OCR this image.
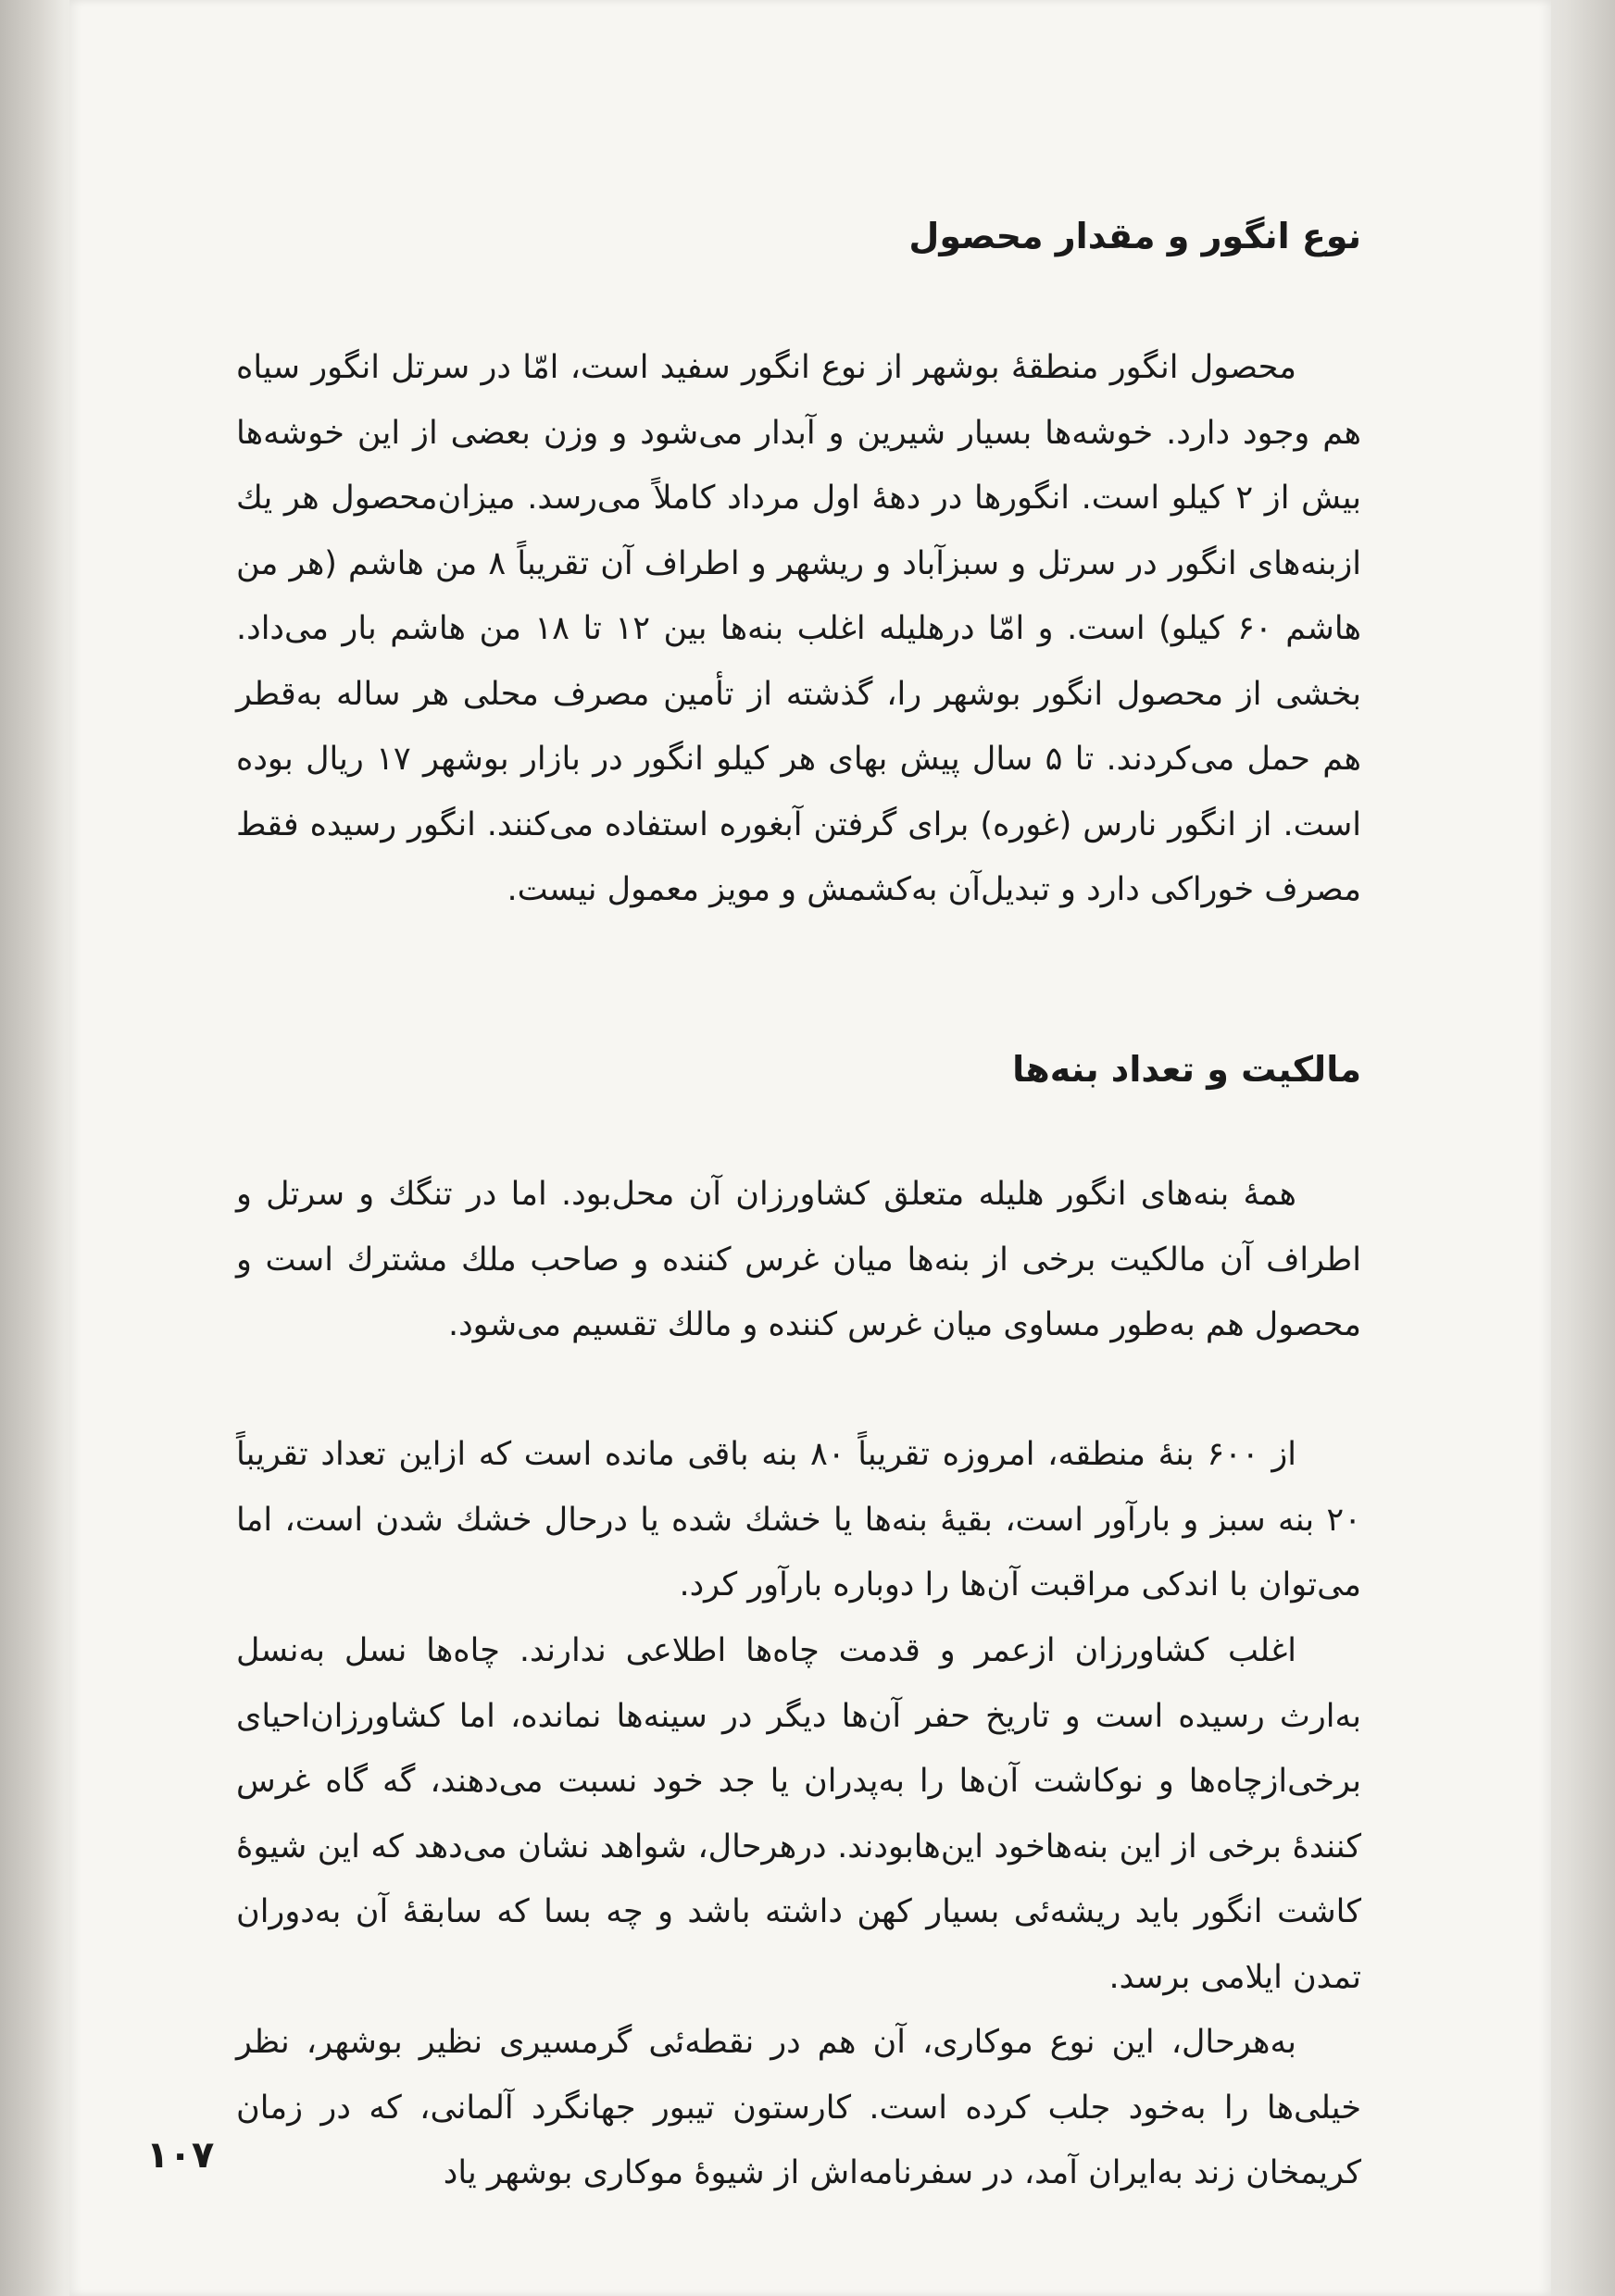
نوع انگور و مقدار محصول
محصول انگور منطقهٔ بوشهر از نوع انگور سفید است، امّا در سرتل انگور سیاه هم وجود دارد. خوشه‌ها بسیار شیرین و آبدار می‌شود و وزن بعضی از این خوشه‌ها بیش از ۲ کیلو است. انگورها در دههٔ اول مرداد کاملاً می‌رسد. میزان‌محصول هر یك ازبنه‌های انگور در سرتل و سبزآباد و ریشهر و اطراف آن تقریباً ۸ من هاشم (هر من هاشم ۶۰ کیلو) است. و امّا درهلیله اغلب بنه‌ها بین ۱۲ تا ۱۸ من هاشم بار می‌داد. بخشی از محصول انگور بوشهر را، گذشته از تأمین مصرف محلی هر ساله به‌قطر هم حمل می‌کردند. تا ۵ سال پیش بهای هر کیلو انگور در بازار بوشهر ۱۷ ریال بوده است. از انگور نارس (غوره) برای گرفتن آبغوره استفاده می‌کنند. انگور رسیده فقط مصرف خوراکی دارد و تبدیل‌آن به‌کشمش و مویز معمول نیست.
مالکیت و تعداد بنه‌ها
همهٔ بنه‌های انگور هلیله متعلق کشاورزان آن محل‌بود. اما در تنگك و سرتل و اطراف آن مالکیت برخی از بنه‌ها میان غرس کننده و صاحب ملك مشترك است و محصول هم به‌طور مساوی میان غرس کننده و مالك تقسیم می‌شود.
از ۶۰۰ بنهٔ منطقه، امروزه تقریباً ۸۰ بنه باقی مانده است که ازاین تعداد تقریباً ۲۰ بنه سبز و بارآور است، بقیهٔ بنه‌ها یا خشك شده یا درحال خشك شدن است، اما می‌توان با اندکی مراقبت آن‌ها را دوباره بارآور کرد.
اغلب کشاورزان ازعمر و قدمت چاه‌ها اطلاعی ندارند. چاه‌ها نسل به‌نسل به‌ارث رسیده است و تاریخ حفر آن‌ها دیگر در سینه‌ها نمانده، اما کشاورزان‌احیای برخی‌ازچاه‌ها و نوکاشت آن‌ها را به‌پدران یا جد خود نسبت می‌دهند، گه گاه غرس کنندهٔ برخی از این بنه‌هاخود این‌هابودند. درهرحال، شواهد نشان می‌دهد که این شیوهٔ کاشت انگور باید ریشه‌ئی بسیار کهن داشته باشد و چه بسا که سابقهٔ آن به‌دوران تمدن ایلامی برسد.
به‌هرحال، این نوع موکاری، آن هم در نقطه‌ئی گرمسیری نظیر بوشهر، نظر خیلی‌ها را به‌خود جلب کرده است. کارستون تیبور جهانگرد آلمانی، که در زمان کریمخان زند به‌ایران آمد، در سفرنامه‌اش از شیوهٔ موکاری بوشهر یاد
۱۰۷
